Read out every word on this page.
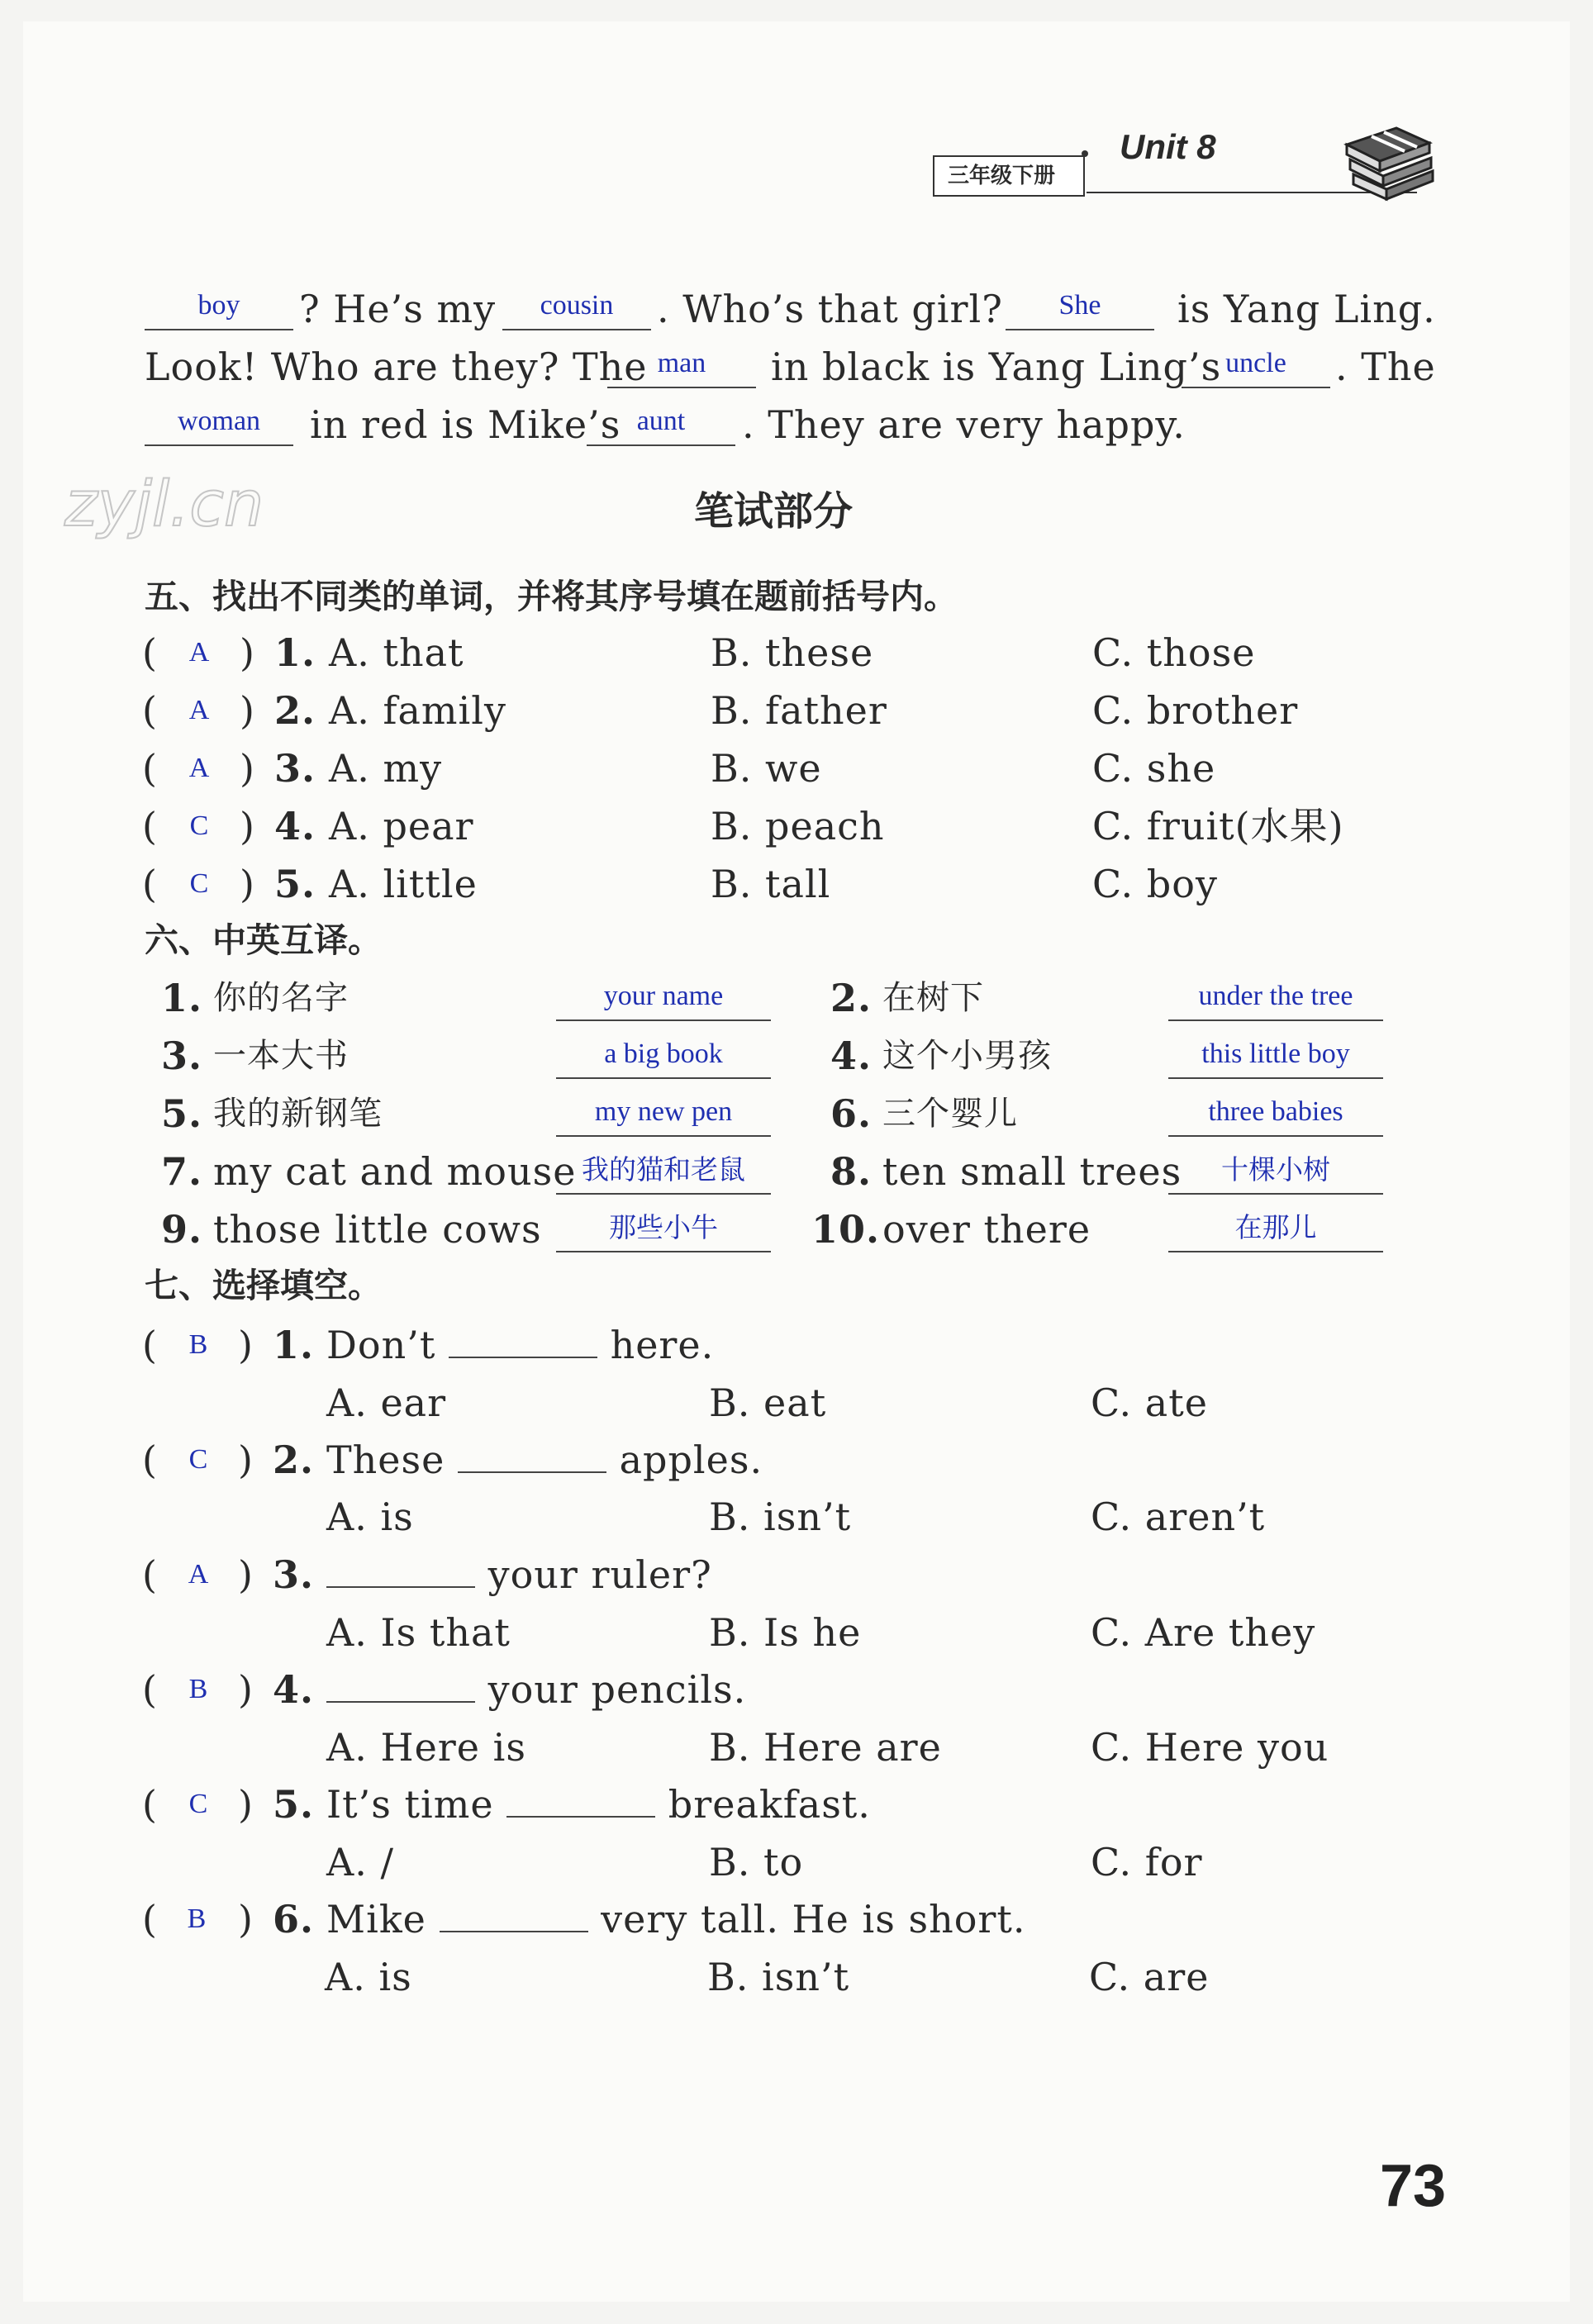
三年级下册
Unit 8
boy	? He’s my	cousin	. Who’s that girl?	She	is Yang Ling.
Look! Who are they? The man	in black is Yang Ling’s uncle	. The
woman	in red is Mike’s aunt	. They are very happy.
zyjl.cn	笔试部分
五、找出不同类的单词，并将其序号填在题前括号内。
( A ) 1. A. that	B. these	C. those
( A ) 2. A. family	B. father	C. brother
( A ) 3. A. my	B. we	C. she
( C ) 4. A. pear	B. peach	C. fruit(水果)
( C ) 5. A. little	B. tall	C. boy
六、中英互译。
1. 你的名字	your name	2. 在树下	under the tree
3. 一本大书	a big book	4. 这个小男孩	this little boy
5. 我的新钢笔	my new pen	6. 三个婴儿	three babies
7. my cat and mouse 我的猫和老鼠	8. ten small trees	十棵小树
9. those little cows	那些小牛	10. over there	在那儿
七、选择填空。
( B ) 1. Don’t	here.
A. ear	B. eat	C. ate
( C ) 2. These	apples.
A. is	B. isn’t	C. aren’t
( A ) 3.	your ruler?
A. Is that	B. Is he	C. Are they
( B ) 4.	your pencils.
A. Here is	B. Here are	C. Here you
( C ) 5. It’s time	breakfast.
A. /	B. to	C. for
( B ) 6. Mike	very tall. He is short.
A. is	B. isn’t	C. are
73
